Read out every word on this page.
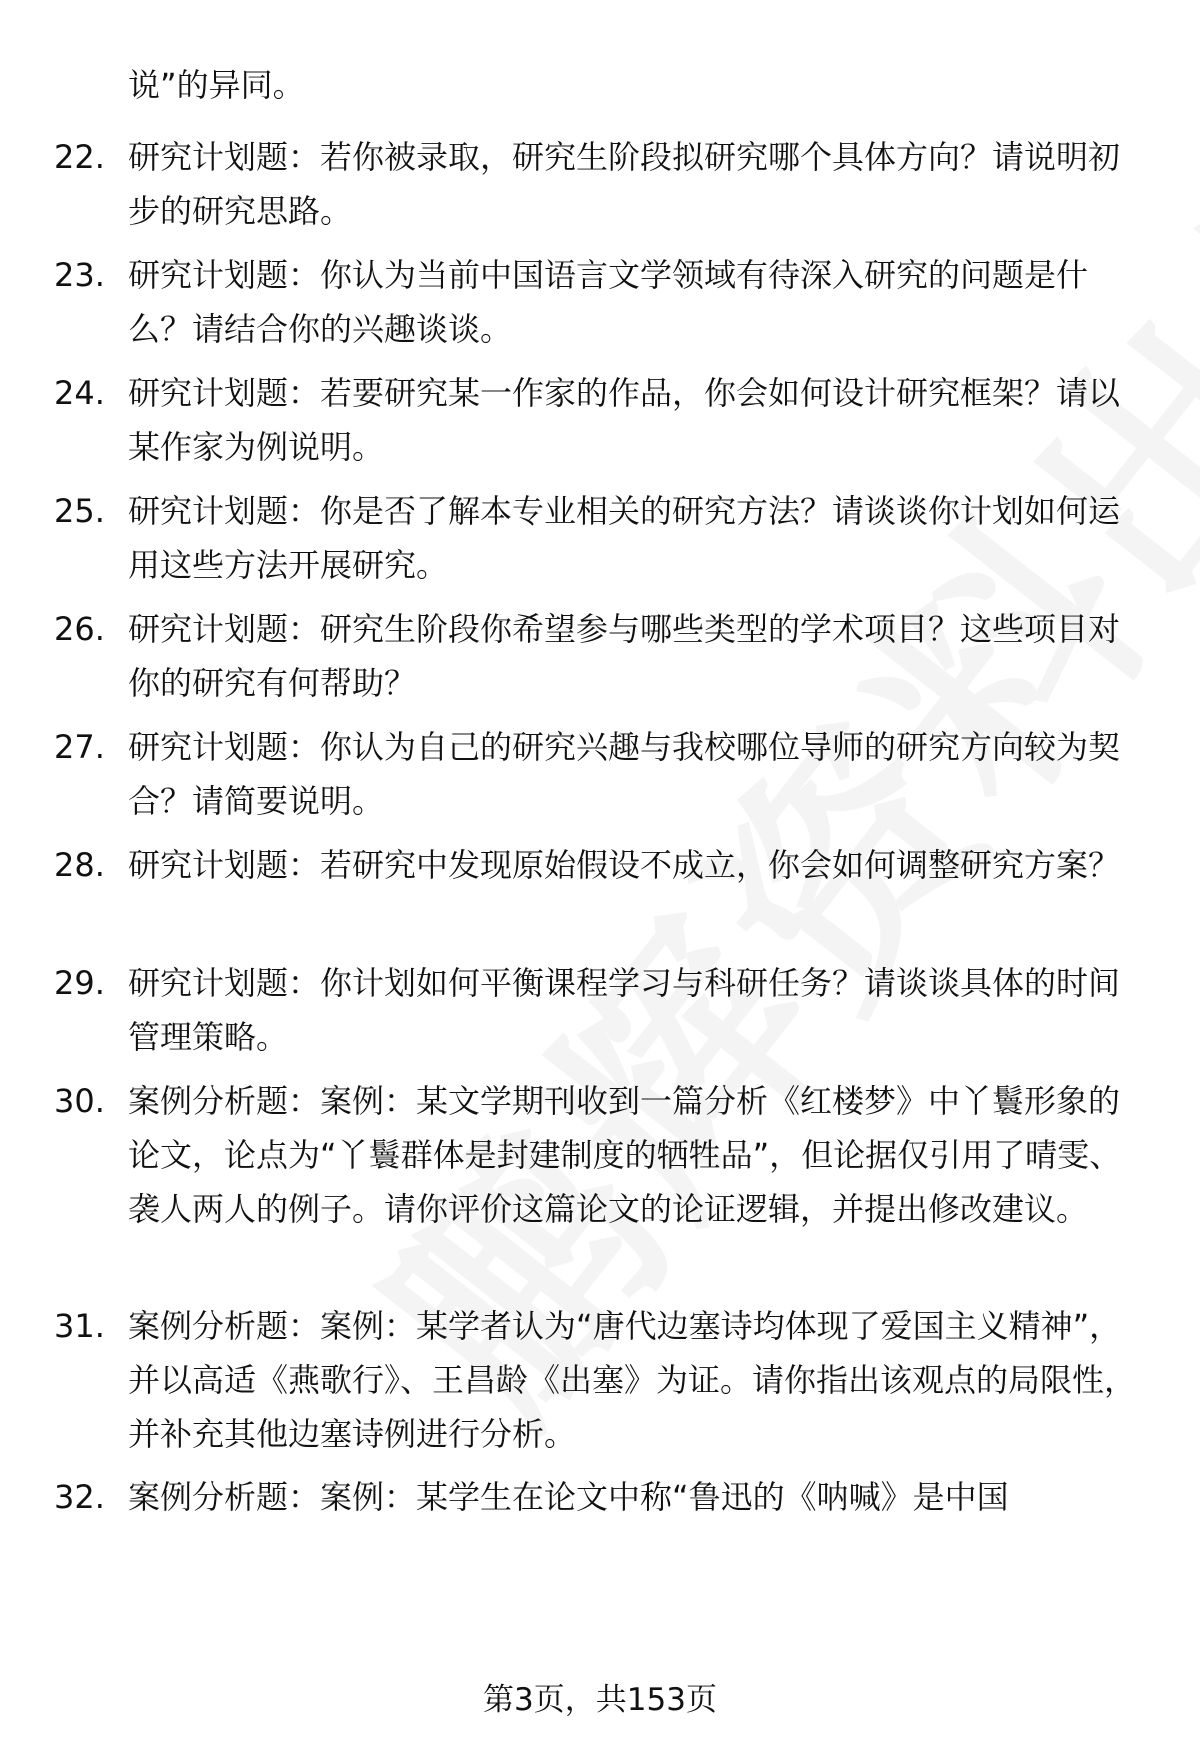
说”的异同。

22. 研究计划题：若你被录取，研究生阶段拟研究哪个具体方向？请说明初步的研究思路。

23. 研究计划题：你认为当前中国语言文学领域有待深入研究的问题是什么？请结合你的兴趣谈谈。

24. 研究计划题：若要研究某一作家的作品，你会如何设计研究框架？请以某作家为例说明。

25. 研究计划题：你是否了解本专业相关的研究方法？请谈谈你计划如何运用这些方法开展研究。

26. 研究计划题：研究生阶段你希望参与哪些类型的学术项目？这些项目对你的研究有何帮助？

27. 研究计划题：你认为自己的研究兴趣与我校哪位导师的研究方向较为契合？请简要说明。

28. 研究计划题：若研究中发现原始假设不成立，你会如何调整研究方案？

29. 研究计划题：你计划如何平衡课程学习与科研任务？请谈谈具体的时间管理策略。

30. 案例分析题：案例：某文学期刊收到一篇分析《红楼梦》中丫鬟形象的论文，论点为“丫鬟群体是封建制度的牺牲品”，但论据仅引用了晴雯、袭人两人的例子。请你评价这篇论文的论证逻辑，并提出修改建议。

31. 案例分析题：案例：某学者认为“唐代边塞诗均体现了爱国主义精神”，并以高适《燕歌行》、王昌龄《出塞》为证。请你指出该观点的局限性，并补充其他边塞诗例进行分析。

32. 案例分析题：案例：某学生在论文中称“鲁迅的《呐喊》是中国

第3页，共153页
